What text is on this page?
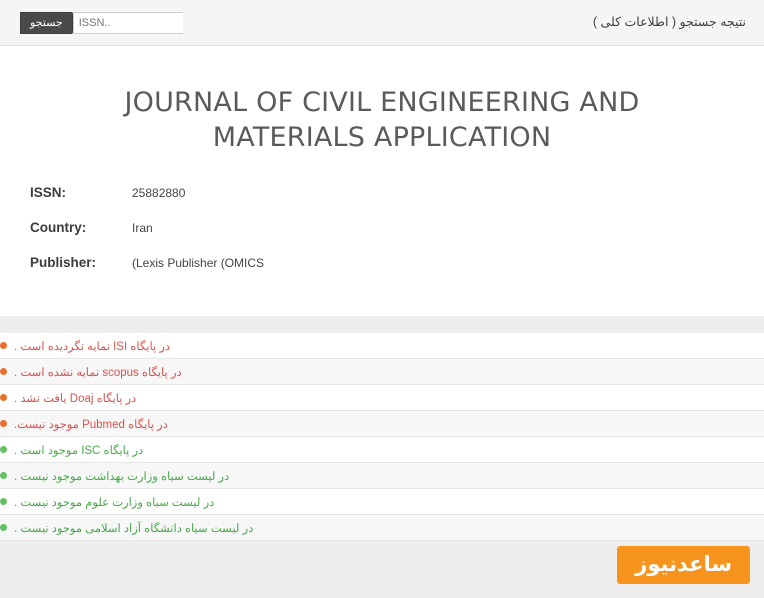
ISSN..
جستجو	نتیجه جستجو ( اطلاعات کلی )
JOURNAL OF CIVIL ENGINEERING AND MATERIALS APPLICATION
ISSN:	25882880
Country:	Iran
Publisher:	(Lexis Publisher (OMICS
در پایگاه ISI نمایه نگردیده است .
در پایگاه scopus نمایه نشده است .
در پایگاه Doaj یافت نشد .
در پایگاه Pubmed موجود نیست.
در پایگاه ISC موجود است .
در لیست سیاه وزارت بهداشت موجود نیست .
در لیست سیاه وزارت علوم موجود نیست .
در لیست سیاه دانشگاه آزاد اسلامی موجود نیست .
ساعدنیوز
